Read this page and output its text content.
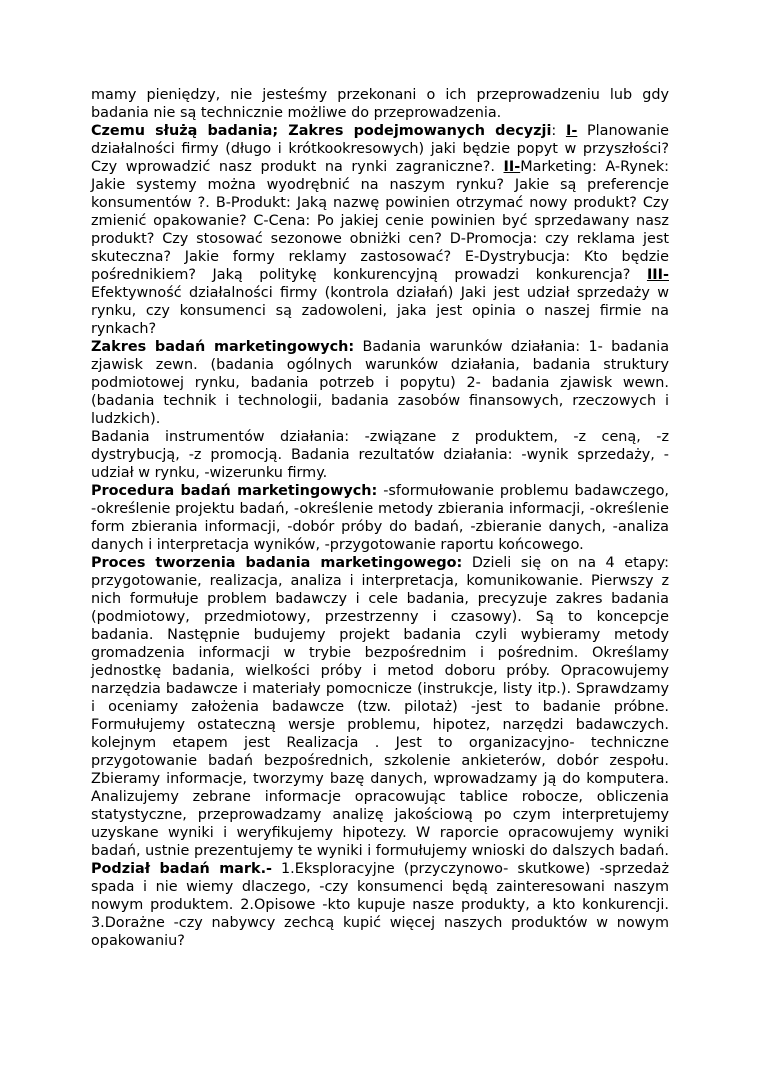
mamy pieniędzy, nie jesteśmy przekonani o ich przeprowadzeniu lub gdy badania nie są technicznie możliwe do przeprowadzenia.

Czemu służą badania; Zakres podejmowanych decyzji: I- Planowanie działalności firmy (długo i krótkookresowych) jaki będzie popyt w przyszłości? Czy wprowadzić nasz produkt na rynki zagraniczne?. II-Marketing: A-Rynek: Jakie systemy można wyodrębnić na naszym rynku? Jakie są preferencje konsumentów ?. B-Produkt: Jaką nazwę powinien otrzymać nowy produkt? Czy zmienić opakowanie? C-Cena: Po jakiej cenie powinien być sprzedawany nasz produkt? Czy stosować sezonowe obniżki cen? D-Promocja: czy reklama jest skuteczna? Jakie formy reklamy zastosować? E-Dystrybucja: Kto będzie pośrednikiem? Jaką politykę konkurencyjną prowadzi konkurencja? III- Efektywność działalności firmy (kontrola działań) Jaki jest udział sprzedaży w rynku, czy konsumenci są zadowoleni, jaka jest opinia o naszej firmie na rynkach?

Zakres badań marketingowych: Badania warunków działania: 1- badania zjawisk zewn. (badania ogólnych warunków działania, badania struktury podmiotowej rynku, badania potrzeb i popytu) 2- badania zjawisk wewn. (badania technik i technologii, badania zasobów finansowych, rzeczowych i ludzkich).

Badania instrumentów działania: -związane z produktem, -z ceną, -z dystrybucją, -z promocją. Badania rezultatów działania: -wynik sprzedaży, -udział w rynku, -wizerunku firmy.

Procedura badań marketingowych: -sformułowanie problemu badawczego, -określenie projektu badań, -określenie metody zbierania informacji, -określenie form zbierania informacji, -dobór próby do badań, -zbieranie danych, -analiza danych i interpretacja wyników, -przygotowanie raportu końcowego.

Proces tworzenia badania marketingowego: Dzieli się on na 4 etapy: przygotowanie, realizacja, analiza i interpretacja, komunikowanie. Pierwszy z nich formułuje problem badawczy i cele badania, precyzuje zakres badania (podmiotowy, przedmiotowy, przestrzenny i czasowy). Są to koncepcje badania. Następnie budujemy projekt badania czyli wybieramy metody gromadzenia informacji w trybie bezpośrednim i pośrednim. Określamy jednostkę badania, wielkości próby i metod doboru próby. Opracowujemy narzędzia badawcze i materiały pomocnicze (instrukcje, listy itp.). Sprawdzamy i oceniamy założenia badawcze (tzw. pilotaż) -jest to badanie próbne. Formułujemy ostateczną wersje problemu, hipotez, narzędzi badawczych. kolejnym etapem jest Realizacja . Jest to organizacyjno- techniczne przygotowanie badań bezpośrednich, szkolenie ankieterów, dobór zespołu. Zbieramy informacje, tworzymy bazę danych, wprowadzamy ją do komputera. Analizujemy zebrane informacje opracowując tablice robocze, obliczenia statystyczne, przeprowadzamy analizę jakościową po czym interpretujemy uzyskane wyniki i weryfikujemy hipotezy. W raporcie opracowujemy wyniki badań, ustnie prezentujemy te wyniki i formułujemy wnioski do dalszych badań.

Podział badań mark.- 1.Eksploracyjne (przyczynowo- skutkowe) -sprzedaż spada i nie wiemy dlaczego, -czy konsumenci będą zainteresowani naszym nowym produktem. 2.Opisowe -kto kupuje nasze produkty, a kto konkurencji. 3.Dorażne -czy nabywcy zechcą kupić więcej naszych produktów w nowym opakowaniu?
